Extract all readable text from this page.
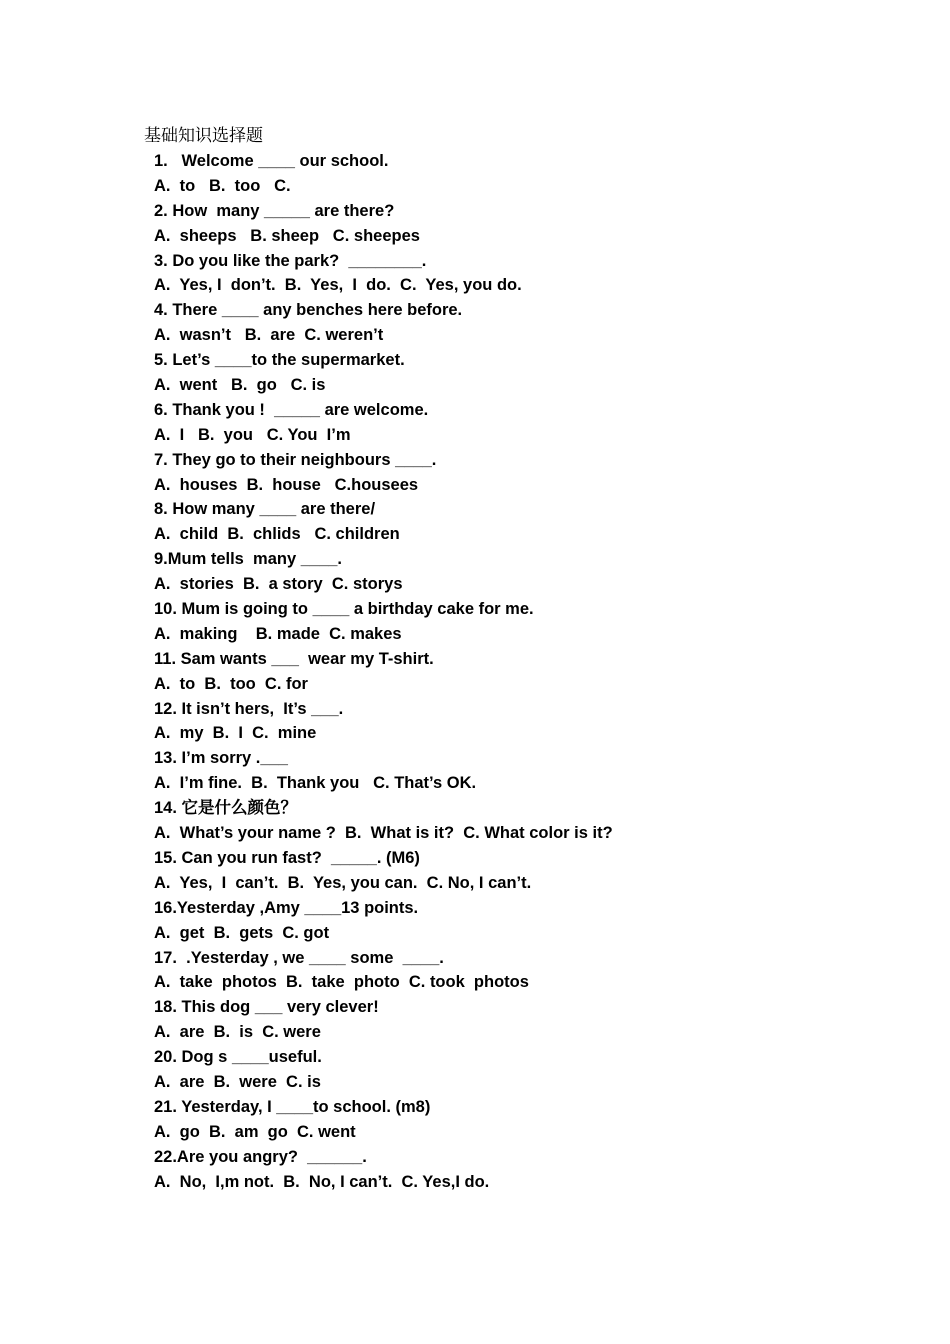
基础知识选择题
1.   Welcome ____ our school.
A.  to   B.  too   C.
2. How  many _____ are there?
A.  sheeps   B. sheep   C. sheepes
3. Do you like the park?  ________.
A.  Yes, I  don’t.  B.  Yes,  I  do.  C.  Yes, you do.
4. There ____ any benches here before.
A.  wasn’t   B.  are  C. weren’t
5. Let’s ____to the supermarket.
A.  went   B.  go   C. is
6. Thank you !  _____ are welcome.
A.  I   B.  you   C. You  I’m
7. They go to their neighbours ____.
A.  houses  B.  house   C.housees
8. How many ____ are there/
A.  child  B.  chlids   C. children
9.Mum tells  many ____.
A.  stories  B.  a story  C. storys
10. Mum is going to ____ a birthday cake for me.
A.  making    B. made  C. makes
11. Sam wants ___  wear my T-shirt.
A.  to  B.  too  C. for
12. It isn’t hers,  It’s ___.
A.  my  B.  I  C.  mine
13. I’m sorry .___
A.  I’m fine.  B.  Thank you   C. That’s OK.
14. 它是什么颜色？
A.  What’s your name ?  B.  What is it?  C. What color is it?
15. Can you run fast?  _____. (M6)
A.  Yes,  I  can’t.  B.  Yes, you can.  C. No, I can’t.
16.Yesterday ,Amy ____13 points.
A.  get  B.  gets  C. got
17.  .Yesterday , we ____ some  ____.
A.  take  photos  B.  take  photo  C. took  photos
18. This dog ___ very clever!
A.  are  B.  is  C. were
20. Dog s ____useful.
A.  are  B.  were  C. is
21. Yesterday, I ____to school. (m8)
A.  go  B.  am  go  C. went
22.Are you angry?  ______.
A.  No,  I,m not.  B.  No, I can’t.  C. Yes,I do.
